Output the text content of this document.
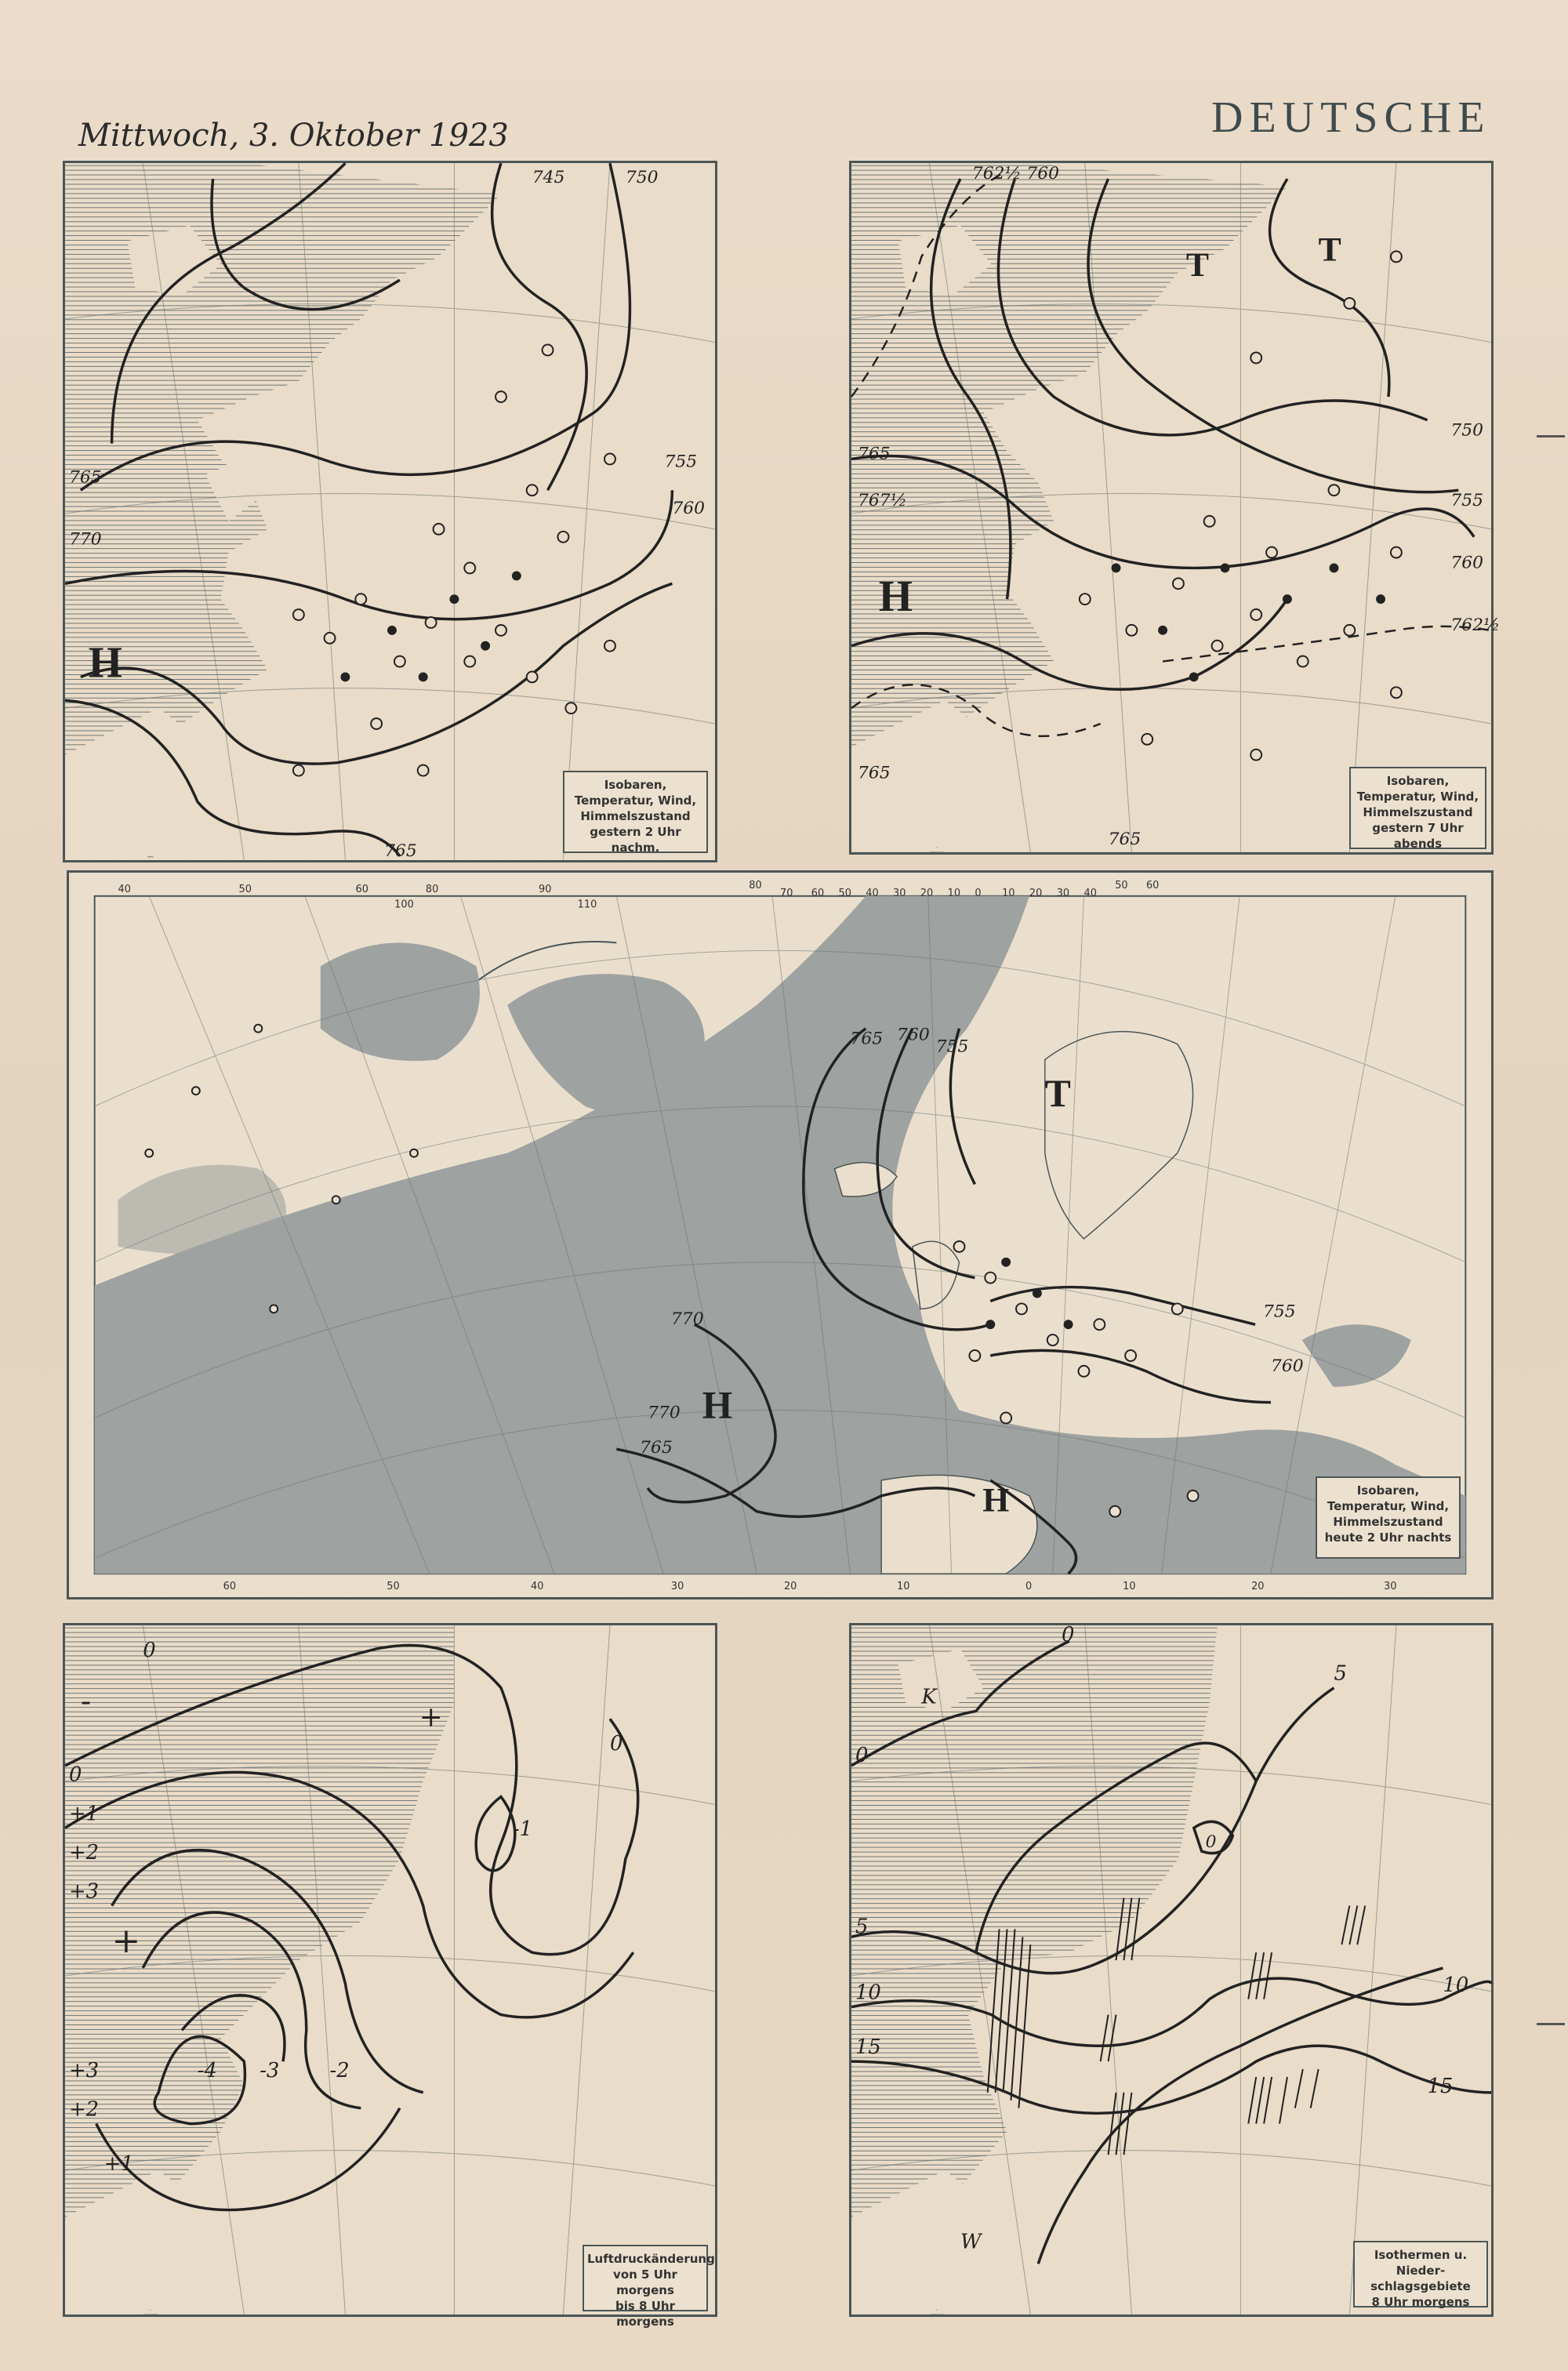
Mittwoch, 3. Oktober 1923	DEUTSCHE
745	750
755
760
765
770
765
H
Isobaren,
Temperatur, Wind,
Himmelszustand
gestern 2 Uhr nachm.
762½ 760
750
755
760
762½
765
767½
765
765
H
T	T
Isobaren,
Temperatur, Wind,
Himmelszustand
gestern 7 Uhr abends
765 760
755
770
770
765
755
760
H
H
T
80
70 60 50 40 30 20 10 0 10 20 30 40
50 60
40	50	60	80	90
100	110
60	50	40	30	20	10	0	10	20	30
Isobaren,
Temperatur, Wind,
Himmelszustand
heute 2 Uhr nachts
0
0
+1
+2
+3
+
-
+3
+2
+1
-4 -3 -2
-1
+
0
Luftdruckänderung
von 5 Uhr morgens
bis 8 Uhr morgens
0
K
0
5
5
10
15
10
15
0
W
Isothermen u. Nieder-
schlagsgebiete
8 Uhr morgens
